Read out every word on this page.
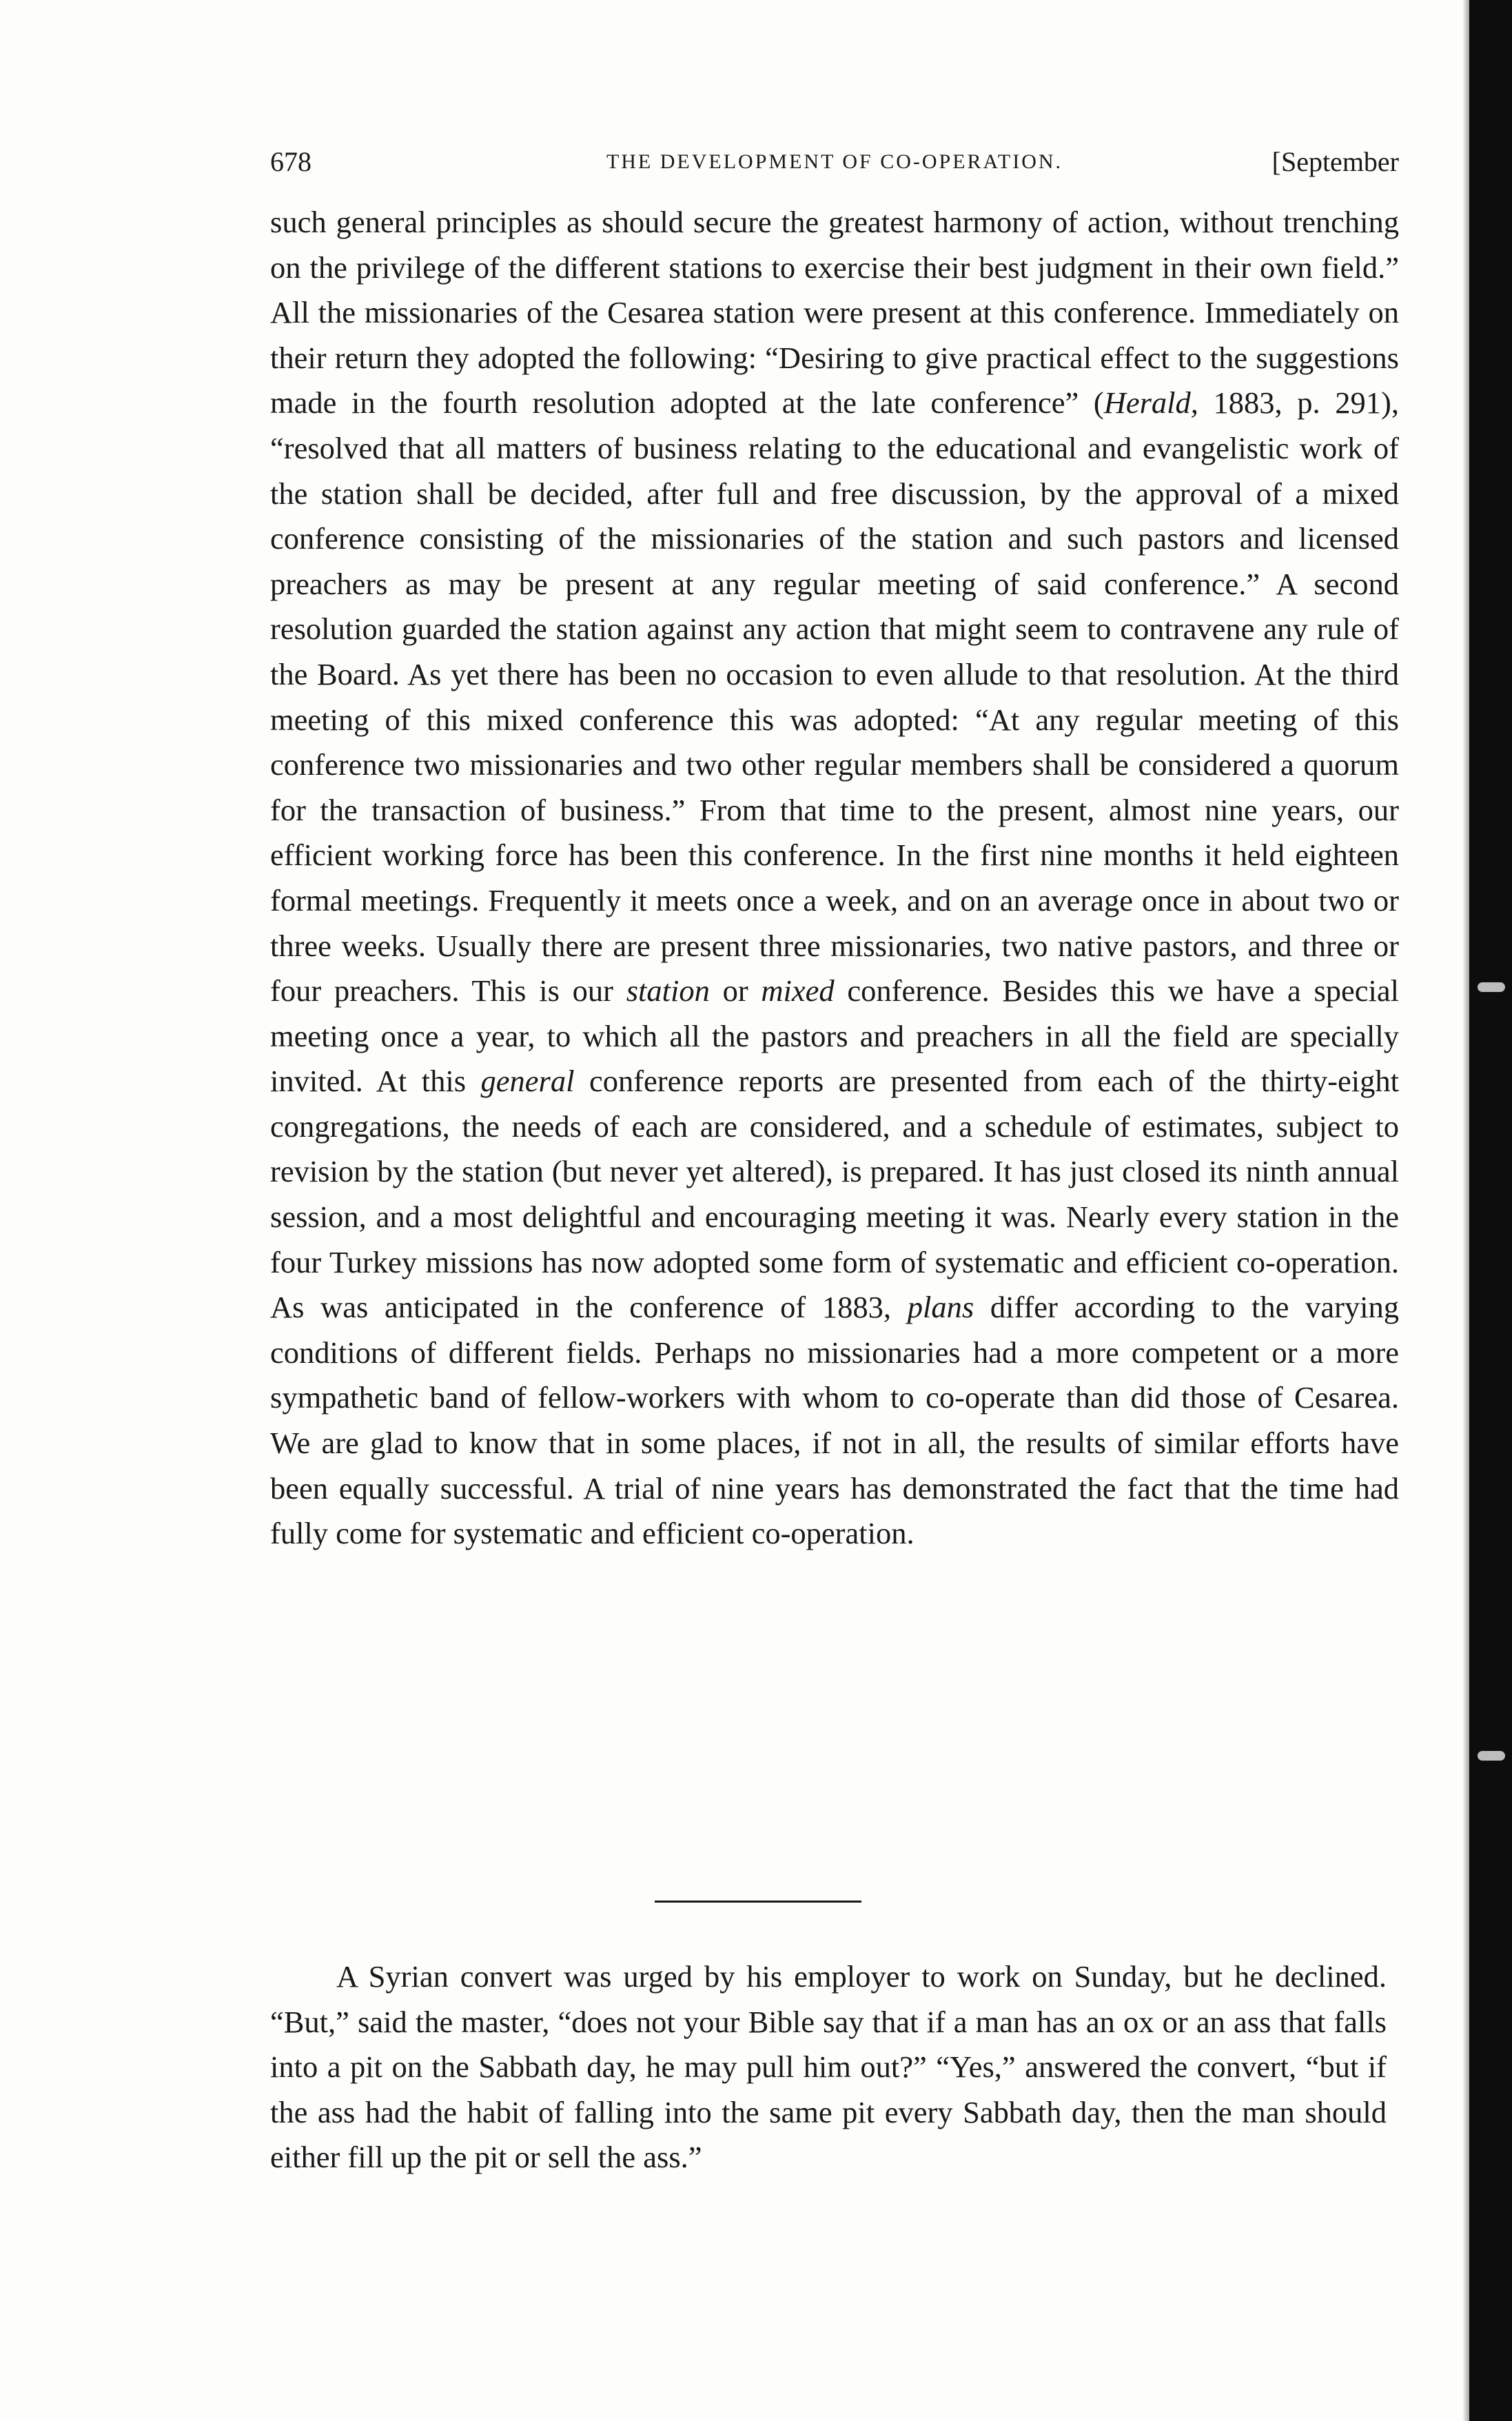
678	THE DEVELOPMENT OF CO-OPERATION.	[September

such general principles as should secure the greatest harmony of action, without trenching on the privilege of the different stations to exercise their best judgment in their own field.” All the missionaries of the Cesarea station were present at this conference. Immediately on their return they adopted the following: “Desiring to give practical effect to the suggestions made in the fourth resolution adopted at the late conference” (Herald, 1883, p. 291), “resolved that all matters of business relating to the educational and evangelistic work of the station shall be decided, after full and free discussion, by the approval of a mixed conference consisting of the missionaries of the station and such pastors and licensed preachers as may be present at any regular meeting of said conference.” A second resolution guarded the station against any action that might seem to contravene any rule of the Board. As yet there has been no occasion to even allude to that resolution. At the third meeting of this mixed conference this was adopted: “At any regular meeting of this conference two missionaries and two other regular members shall be considered a quorum for the transaction of business.” From that time to the present, almost nine years, our efficient working force has been this conference. In the first nine months it held eighteen formal meetings. Frequently it meets once a week, and on an average once in about two or three weeks. Usually there are present three missionaries, two native pastors, and three or four preachers. This is our station or mixed conference. Besides this we have a special meeting once a year, to which all the pastors and preachers in all the field are specially invited. At this general conference reports are presented from each of the thirty-eight congregations, the needs of each are considered, and a schedule of estimates, subject to revision by the station (but never yet altered), is prepared. It has just closed its ninth annual session, and a most delightful and encouraging meeting it was. Nearly every station in the four Turkey missions has now adopted some form of systematic and efficient co-operation. As was anticipated in the conference of 1883, plans differ according to the varying conditions of different fields. Perhaps no missionaries had a more competent or a more sympathetic band of fellow-workers with whom to co-operate than did those of Cesarea. We are glad to know that in some places, if not in all, the results of similar efforts have been equally successful. A trial of nine years has demonstrated the fact that the time had fully come for systematic and efficient co-operation.

A Syrian convert was urged by his employer to work on Sunday, but he declined. “But,” said the master, “does not your Bible say that if a man has an ox or an ass that falls into a pit on the Sabbath day, he may pull him out?” “Yes,” answered the convert, “but if the ass had the habit of falling into the same pit every Sabbath day, then the man should either fill up the pit or sell the ass.”
